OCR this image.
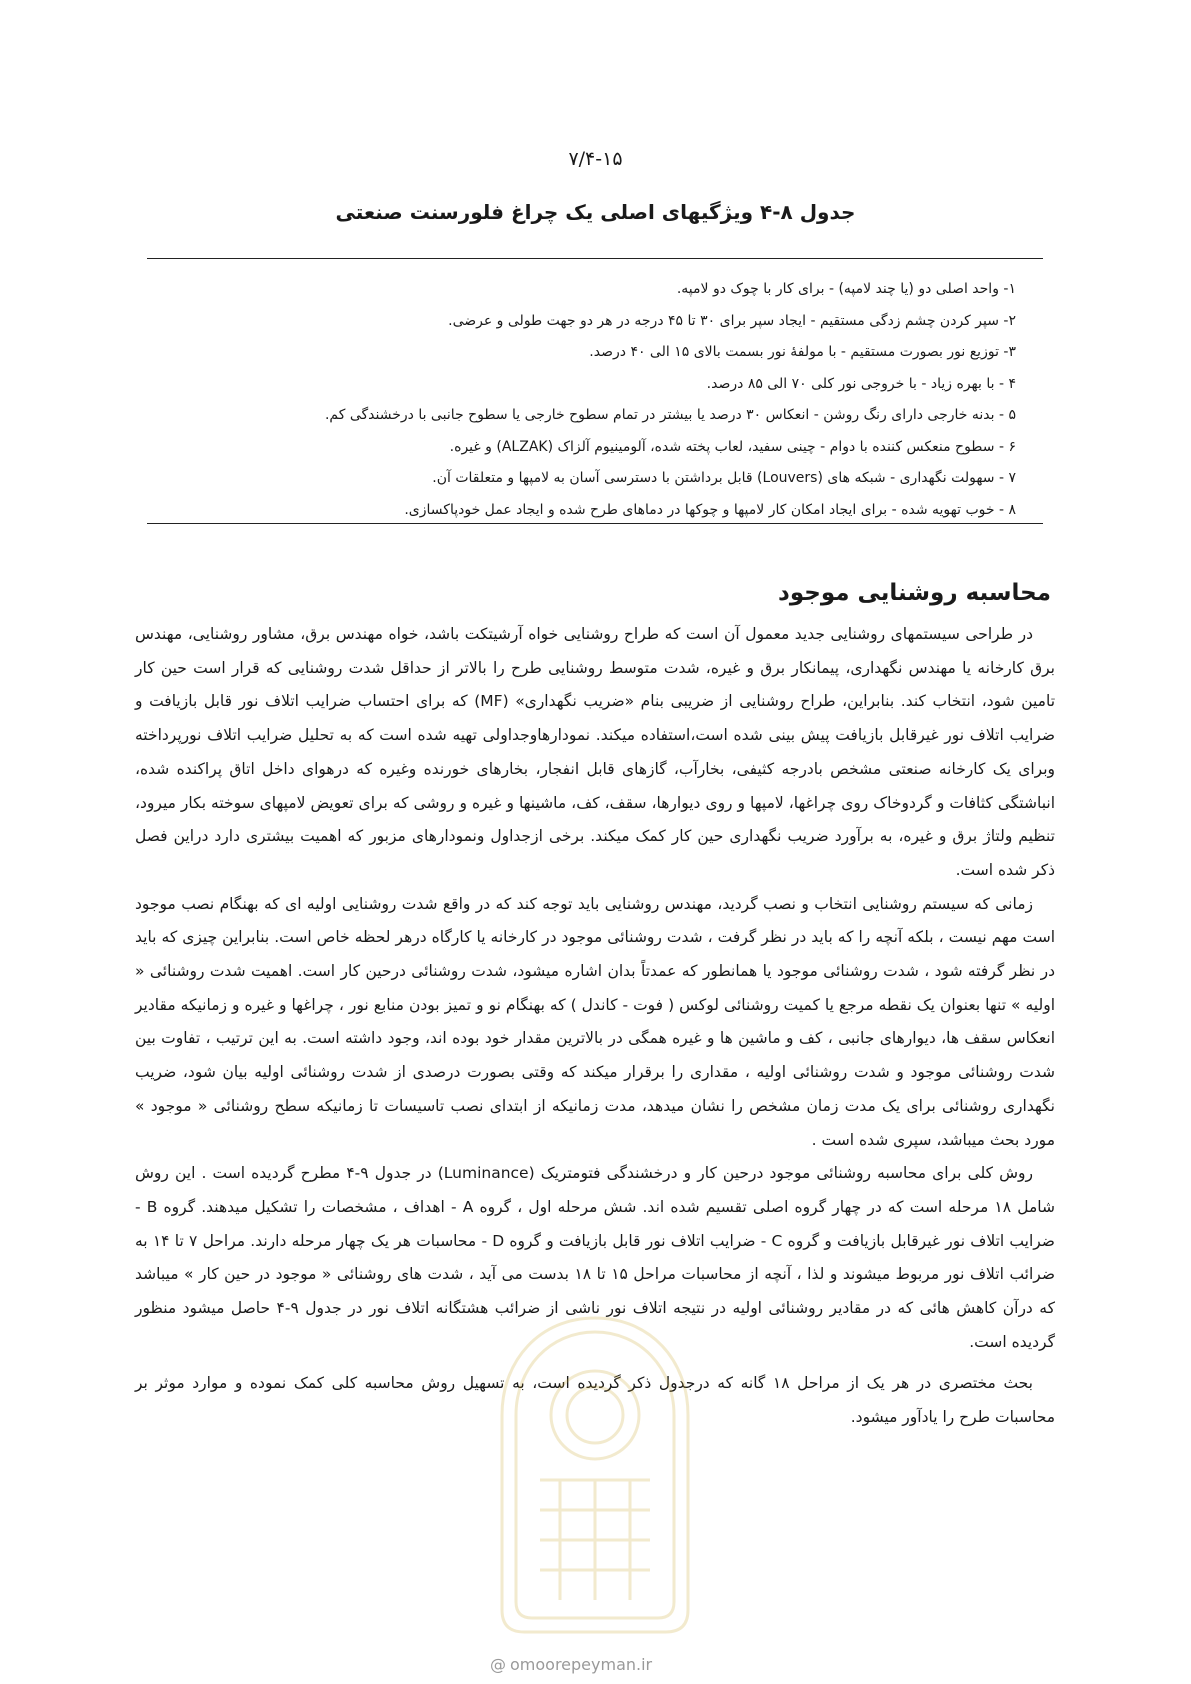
۷/۴-۱۵
جدول ۸-۴ ویژگیهای اصلی یک چراغ فلورسنت صنعتی
۱- واحد اصلی دو (یا چند لامپه) - برای کار با چوک دو لامپه.
۲- سپر کردن چشم زدگی مستقیم - ایجاد سپر برای ۳۰ تا ۴۵ درجه در هر دو جهت طولی و عرضی.
۳- توزیع نور بصورت مستقیم - با مولفهٔ نور بسمت بالای ۱۵ الی ۴۰ درصد.
۴ - با بهره زیاد - با خروجی نور کلی ۷۰ الی ۸۵ درصد.
۵ - بدنه خارجی دارای رنگ روشن - انعکاس ۳۰ درصد یا بیشتر در تمام سطوح خارجی یا سطوح جانبی با درخشندگی کم.
۶ - سطوح منعکس کننده با دوام - چینی سفید، لعاب پخته شده، آلومینیوم آلزاک (ALZAK) و غیره.
۷ - سهولت نگهداری - شبکه های (Louvers) قابل برداشتن با دسترسی آسان به لامپها و متعلقات آن.
۸ - خوب تهویه شده - برای ایجاد امکان کار لامپها و چوکها در دماهای طرح شده و ایجاد عمل خودپاکسازی.
محاسبه روشنایی موجود

در طراحی سیستمهای روشنایی جدید معمول آن است که طراح روشنایی خواه آرشیتکت باشد، خواه مهندس برق، مشاور روشنایی، مهندس برق کارخانه یا مهندس نگهداری، پیمانکار برق و غیره، شدت متوسط روشنایی طرح را بالاتر از حداقل شدت روشنایی که قرار است حین کار تامین شود، انتخاب کند. بنابراین، طراح روشنایی از ضریبی بنام «ضریب نگهداری» (MF) که برای احتساب ضرایب اتلاف نور قابل بازیافت و ضرایب اتلاف نور غیرقابل بازیافت پیش بینی شده است،استفاده میکند. نمودارهاوجداولی تهیه شده است که به تحلیل ضرایب اتلاف نورپرداخته وبرای یک کارخانه صنعتی مشخص بادرجه کثیفی، بخارآب، گازهای قابل انفجار، بخارهای خورنده وغیره که درهوای داخل اتاق پراکنده شده، انباشتگی کثافات و گردوخاک روی چراغها، لامپها و روی دیوارها، سقف، کف، ماشینها و غیره و روشی که برای تعویض لامپهای سوخته بکار میرود، تنظیم ولتاژ برق و غیره، به برآورد ضریب نگهداری حین کار کمک میکند. برخی ازجداول ونمودارهای مزبور که اهمیت بیشتری دارد دراین فصل ذکر شده است.

زمانی که سیستم روشنایی انتخاب و نصب گردید، مهندس روشنایی باید توجه کند که در واقع شدت روشنایی اولیه ای که بهنگام نصب موجود است مهم نیست ، بلکه آنچه را که باید در نظر گرفت ، شدت روشنائی موجود در کارخانه یا کارگاه درهر لحظه خاص است. بنابراین چیزی که باید در نظر گرفته شود ، شدت روشنائی موجود یا همانطور که عمدتاً بدان اشاره میشود، شدت روشنائی درحین کار است. اهمیت شدت روشنائی « اولیه » تنها بعنوان یک نقطه مرجع یا کمیت روشنائی لوکس ( فوت - کاندل ) که بهنگام نو و تمیز بودن منابع نور ، چراغها و غیره و زمانیکه مقادیر انعکاس سقف ها، دیوارهای جانبی ، کف و ماشین ها و غیره همگی در بالاترین مقدار خود بوده اند، وجود داشته است. به این ترتیب ، تفاوت بین شدت روشنائی موجود و شدت روشنائی اولیه ، مقداری را برقرار میکند که وقتی بصورت درصدی از شدت روشنائی اولیه بیان شود، ضریب نگهداری روشنائی برای یک مدت زمان مشخص را نشان میدهد، مدت زمانیکه از ابتدای نصب تاسیسات تا زمانیکه سطح روشنائی « موجود » مورد بحث میباشد، سپری شده است .

روش کلی برای محاسبه روشنائی موجود درحین کار و درخشندگی فتومتریک (Luminance) در جدول ۹-۴ مطرح گردیده است . این روش شامل ۱۸ مرحله است که در چهار گروه اصلی تقسیم شده اند. شش مرحله اول ، گروه A - اهداف ، مشخصات را تشکیل میدهند. گروه B - ضرایب اتلاف نور غیرقابل بازیافت و گروه C - ضرایب اتلاف نور قابل بازیافت و گروه D - محاسبات هر یک چهار مرحله دارند. مراحل ۷ تا ۱۴ به ضرائب اتلاف نور مربوط میشوند و لذا ، آنچه از محاسبات مراحل ۱۵ تا ۱۸ بدست می آید ، شدت های روشنائی « موجود در حین کار » میباشد که درآن کاهش هائی که در مقادیر روشنائی اولیه در نتیجه اتلاف نور ناشی از ضرائب هشتگانه اتلاف نور در جدول ۹-۴ حاصل میشود منظور گردیده است.

بحث مختصری در هر یک از مراحل ۱۸ گانه که درجدول ذکر گردیده است، به تسهیل روش محاسبه کلی کمک نموده و موارد موثر بر محاسبات طرح را یادآور میشود.

@ omoorepeyman.ir
